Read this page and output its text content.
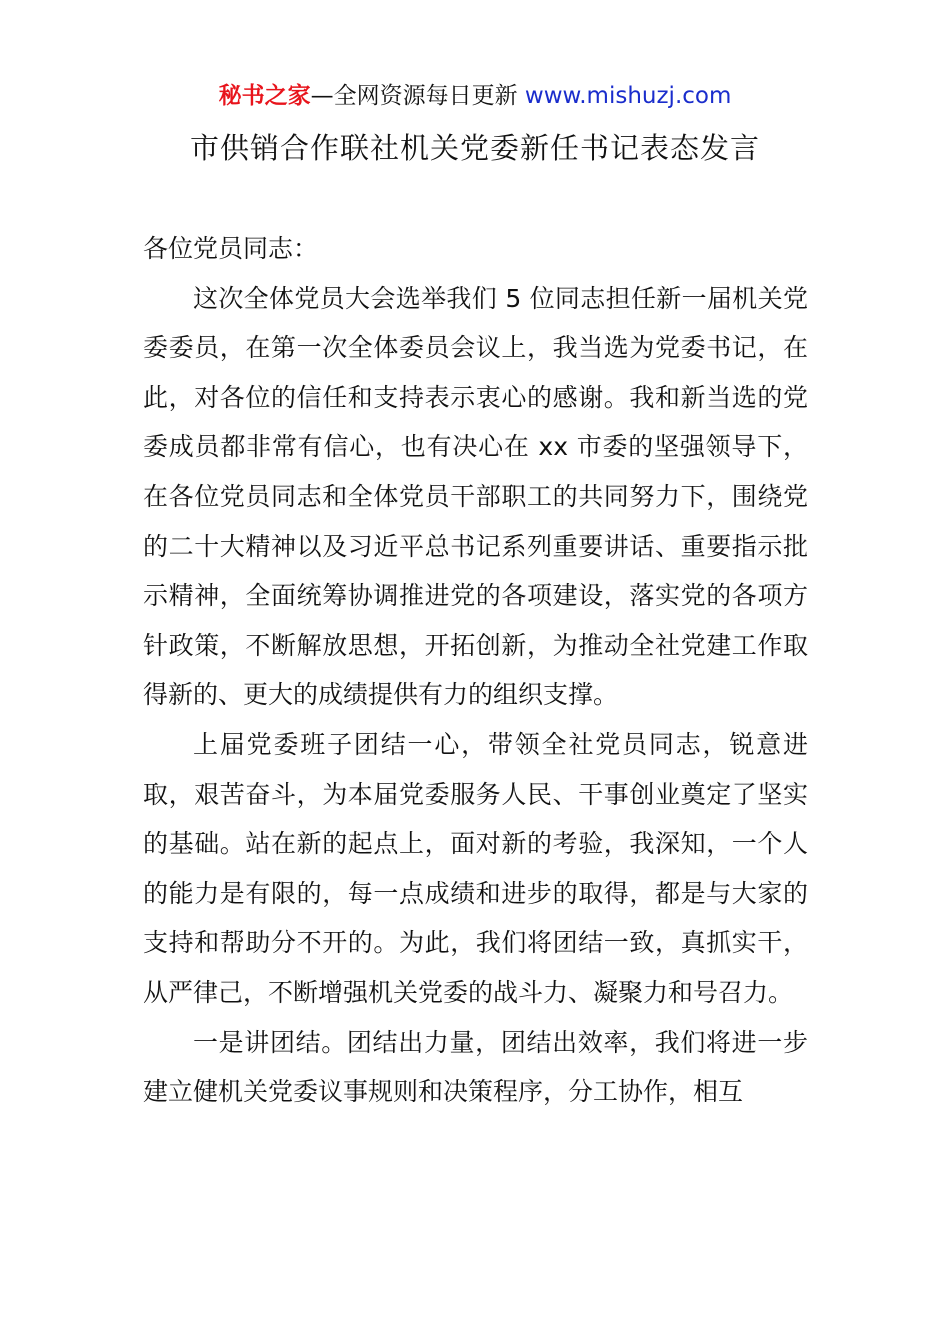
秘书之家—全网资源每日更新 www.mishuzj.com
市供销合作联社机关党委新任书记表态发言

各位党员同志：

这次全体党员大会选举我们 5 位同志担任新一届机关党委委员，在第一次全体委员会议上，我当选为党委书记，在此，对各位的信任和支持表示衷心的感谢。我和新当选的党委成员都非常有信心，也有决心在 xx 市委的坚强领导下，在各位党员同志和全体党员干部职工的共同努力下，围绕党的二十大精神以及习近平总书记系列重要讲话、重要指示批示精神，全面统筹协调推进党的各项建设，落实党的各项方针政策，不断解放思想，开拓创新，为推动全社党建工作取得新的、更大的成绩提供有力的组织支撑。

上届党委班子团结一心，带领全社党员同志，锐意进取，艰苦奋斗，为本届党委服务人民、干事创业奠定了坚实的基础。站在新的起点上，面对新的考验，我深知，一个人的能力是有限的，每一点成绩和进步的取得，都是与大家的支持和帮助分不开的。为此，我们将团结一致，真抓实干，从严律己，不断增强机关党委的战斗力、凝聚力和号召力。

一是讲团结。团结出力量，团结出效率，我们将进一步建立健机关党委议事规则和决策程序，分工协作，相互
